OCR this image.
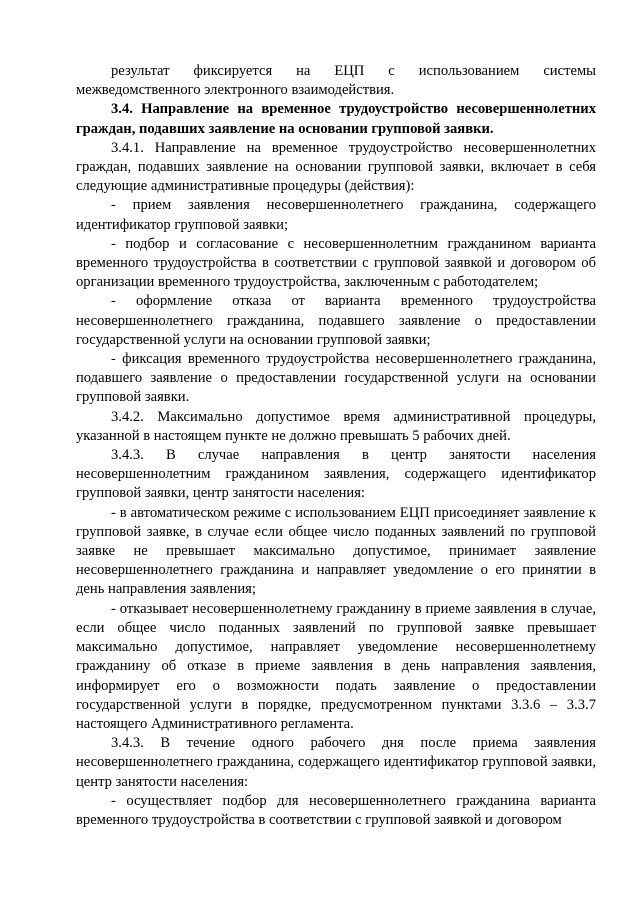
результат фиксируется на ЕЦП с использованием системы межведомственного электронного взаимодействия.

3.4. Направление на временное трудоустройство несовершеннолетних граждан, подавших заявление на основании групповой заявки.

3.4.1. Направление на временное трудоустройство несовершеннолетних граждан, подавших заявление на основании групповой заявки, включает в себя следующие административные процедуры (действия):

- прием заявления несовершеннолетнего гражданина, содержащего идентификатор групповой заявки;

- подбор и согласование с несовершеннолетним гражданином варианта временного трудоустройства в соответствии с групповой заявкой и договором об организации временного трудоустройства, заключенным с работодателем;

- оформление отказа от варианта временного трудоустройства несовершеннолетнего гражданина, подавшего заявление о предоставлении государственной услуги на основании групповой заявки;

- фиксация временного трудоустройства несовершеннолетнего гражданина, подавшего заявление о предоставлении государственной услуги на основании групповой заявки.

3.4.2. Максимально допустимое время административной процедуры, указанной в настоящем пункте не должно превышать 5 рабочих дней.

3.4.3. В случае направления в центр занятости населения несовершеннолетним гражданином заявления, содержащего идентификатор групповой заявки, центр занятости населения:

- в автоматическом режиме с использованием ЕЦП присоединяет заявление к групповой заявке, в случае если общее число поданных заявлений по групповой заявке не превышает максимально допустимое, принимает заявление несовершеннолетнего гражданина и направляет уведомление о его принятии в день направления заявления;

- отказывает несовершеннолетнему гражданину в приеме заявления в случае, если общее число поданных заявлений по групповой заявке превышает максимально допустимое, направляет уведомление несовершеннолетнему гражданину об отказе в приеме заявления в день направления заявления, информирует его о возможности подать заявление о предоставлении государственной услуги в порядке, предусмотренном пунктами 3.3.6 – 3.3.7 настоящего Административного регламента.

3.4.3. В течение одного рабочего дня после приема заявления несовершеннолетнего гражданина, содержащего идентификатор групповой заявки, центр занятости населения:

- осуществляет подбор для несовершеннолетнего гражданина варианта временного трудоустройства в соответствии с групповой заявкой и договором
